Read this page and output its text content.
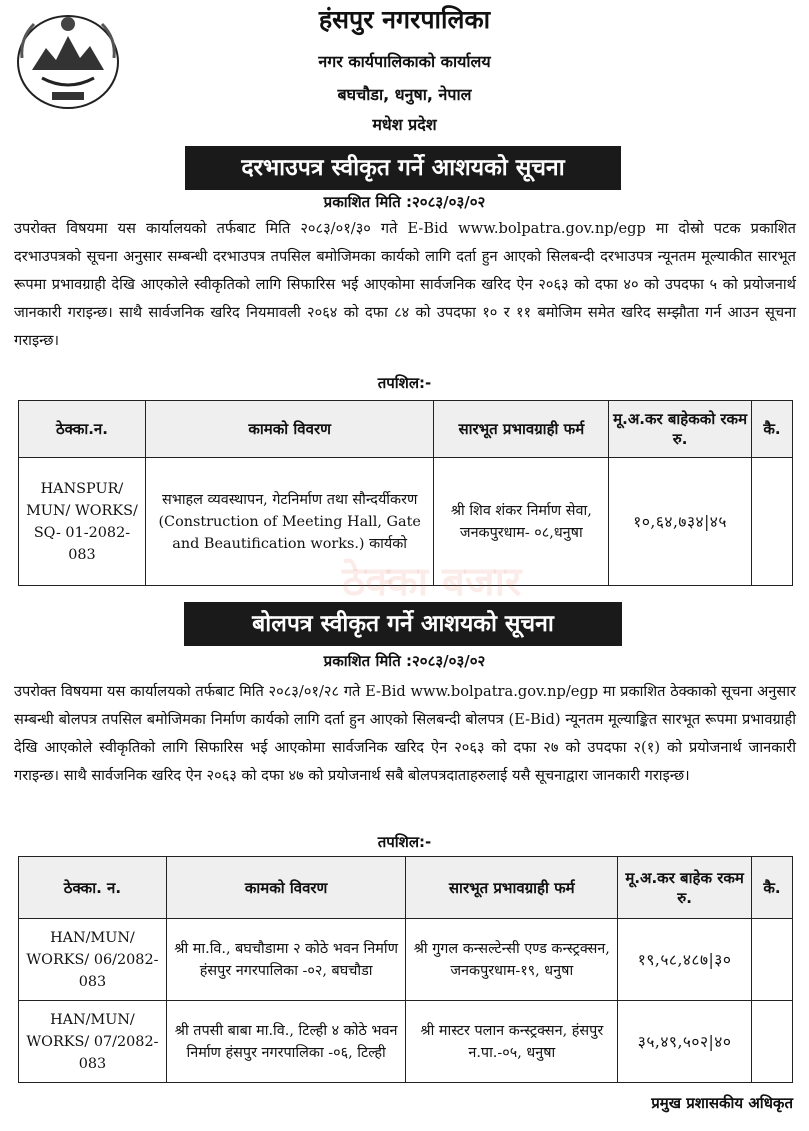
हंसपुर नगरपालिका
नगर कार्यपालिकाको कार्यालय
बघचौडा, धनुषा, नेपाल
मधेश प्रदेश
दरभाउपत्र स्वीकृत गर्ने आशयको सूचना
प्रकाशित मिति :२०८३/०३/०२
उपरोक्त विषयमा यस कार्यालयको तर्फबाट मिति २०८३/०१/३० गते E-Bid www.bolpatra.gov.np/egp मा दोस्रो पटक प्रकाशित दरभाउपत्रको सूचना अनुसार सम्बन्धी दरभाउपत्र तपसिल बमोजिमका कार्यको लागि दर्ता हुन आएको सिलबन्दी दरभाउपत्र न्यूनतम मूल्याकीत सारभूत रूपमा प्रभावग्राही देखि आएकोले स्वीकृतिको लागि सिफारिस भई आएकोमा सार्वजनिक खरिद ऐन २०६३ को दफा ४० को उपदफा ५ को प्रयोजनार्थ जानकारी गराइन्छ। साथै सार्वजनिक खरिद नियमावली २०६४ को दफा ८४ को उपदफा १० र ११ बमोजिम समेत खरिद सम्झौता गर्न आउन सूचना गराइन्छ।
तपशिल:-
ठेक्का.न.	कामको विवरण	सारभूत प्रभावग्राही फर्म	मू.अ.कर बाहेकको रकम रु.	कै.
HANSPUR/ MUN/ WORKS/ SQ- 01-2082-083	सभाहल व्यवस्थापन, गेटनिर्माण तथा सौन्दर्यीकरण (Construction of Meeting Hall, Gate and Beautification works.) कार्यको	श्री शिव शंकर निर्माण सेवा, जनकपुरधाम- ०८,धनुषा	१०,६४,७३४|४५	
ठेक्का बजार
बोलपत्र स्वीकृत गर्ने आशयको सूचना
प्रकाशित मिति :२०८३/०३/०२
उपरोक्त विषयमा यस कार्यालयको तर्फबाट मिति २०८३/०१/२८ गते E-Bid www.bolpatra.gov.np/egp मा प्रकाशित ठेक्काको सूचना अनुसार सम्बन्धी बोलपत्र तपसिल बमोजिमका निर्माण कार्यको लागि दर्ता हुन आएको सिलबन्दी बोलपत्र (E-Bid) न्यूनतम मूल्याङ्कित सारभूत रूपमा प्रभावग्राही देखि आएकोले स्वीकृतिको लागि सिफारिस भई आएकोमा सार्वजनिक खरिद ऐन २०६३ को दफा २७ को उपदफा २(१) को प्रयोजनार्थ जानकारी गराइन्छ। साथै सार्वजनिक खरिद ऐन २०६३ को दफा ४७ को प्रयोजनार्थ सबै बोलपत्रदाताहरुलाई यसै सूचनाद्वारा जानकारी गराइन्छ।
तपशिल:-
ठेक्का. न.	कामको विवरण	सारभूत प्रभावग्राही फर्म	मू.अ.कर बाहेक रकम रु.	कै.
HAN/MUN/ WORKS/ 06/2082-083	श्री मा.वि., बघचौडामा २ कोठे भवन निर्माण हंसपुर नगरपालिका -०२, बघचौडा	श्री गुगल कन्सल्टेन्सी एण्ड कन्स्ट्रक्सन, जनकपुरधाम-१९, धनुषा	१९,५८,४८७|३०	
HAN/MUN/ WORKS/ 07/2082-083	श्री तपसी बाबा मा.वि., टिल्ही ४ कोठे भवन निर्माण हंसपुर नगरपालिका -०६, टिल्ही	श्री मास्टर पलान कन्स्ट्रक्सन, हंसपुर न.पा.-०५, धनुषा	३५,४९,५०२|४०	
प्रमुख प्रशासकीय अधिकृत
